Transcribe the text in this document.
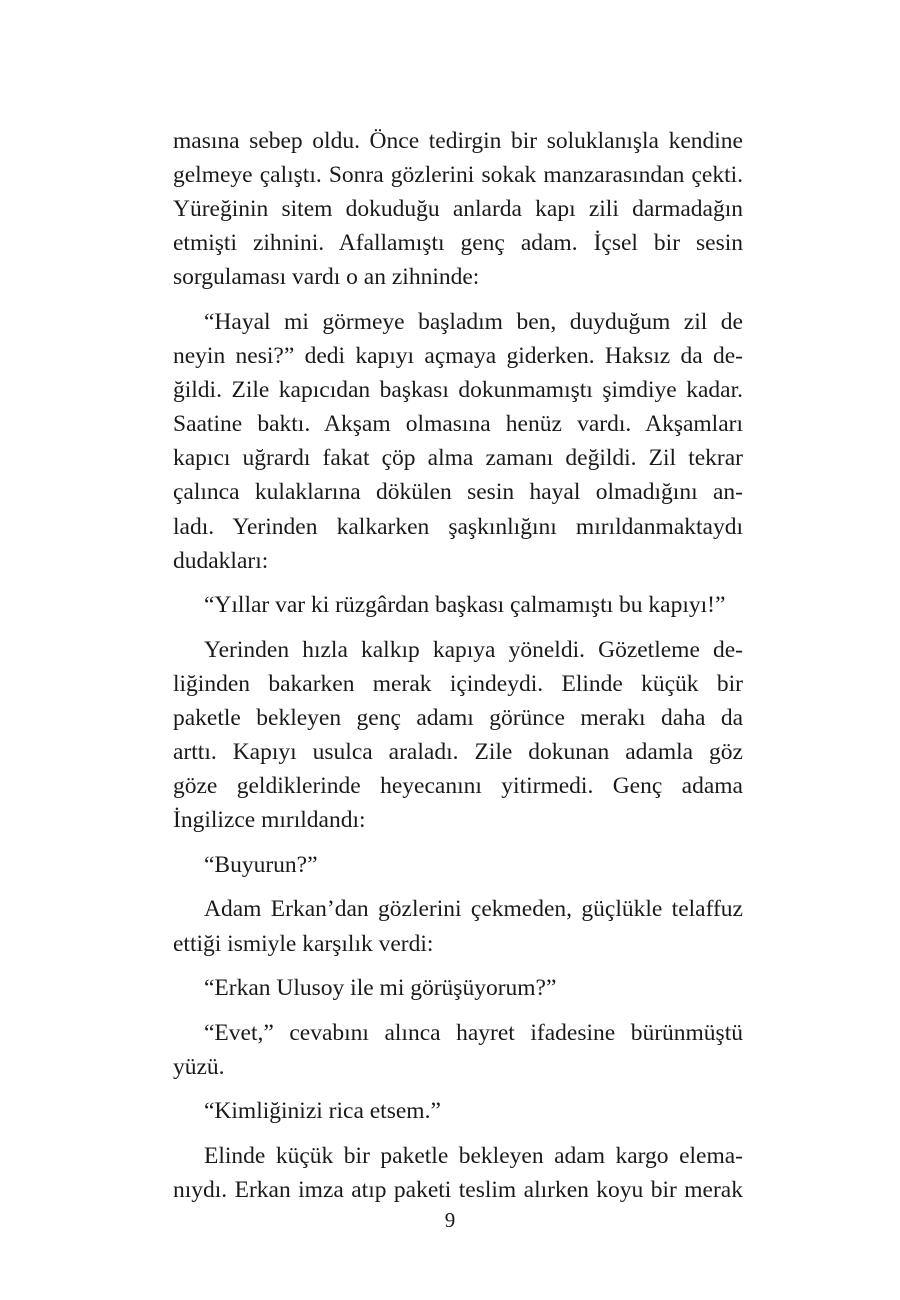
masına sebep oldu. Önce tedirgin bir soluklanışla kendine
gelmeye çalıştı. Sonra gözlerini sokak manzarasından çekti.
Yüreğinin sitem dokuduğu anlarda kapı zili darmadağın
etmişti zihnini. Afallamıştı genç adam. İçsel bir sesin
sorgulaması vardı o an zihninde:
“Hayal mi görmeye başladım ben, duyduğum zil de
neyin nesi?” dedi kapıyı açmaya giderken. Haksız da de-
ğildi. Zile kapıcıdan başkası dokunmamıştı şimdiye kadar.
Saatine baktı. Akşam olmasına henüz vardı. Akşamları
kapıcı uğrardı fakat çöp alma zamanı değildi. Zil tekrar
çalınca kulaklarına dökülen sesin hayal olmadığını an-
ladı. Yerinden kalkarken şaşkınlığını mırıldanmaktaydı
dudakları:
“Yıllar var ki rüzgârdan başkası çalmamıştı bu kapıyı!”
Yerinden hızla kalkıp kapıya yöneldi. Gözetleme de-
liğinden bakarken merak içindeydi. Elinde küçük bir
paketle bekleyen genç adamı görünce merakı daha da
arttı. Kapıyı usulca araladı. Zile dokunan adamla göz
göze geldiklerinde heyecanını yitirmedi. Genç adama
İngilizce mırıldandı:
“Buyurun?”
Adam Erkan’dan gözlerini çekmeden, güçlükle telaffuz
ettiği ismiyle karşılık verdi:
“Erkan Ulusoy ile mi görüşüyorum?”
“Evet,” cevabını alınca hayret ifadesine bürünmüştü
yüzü.
“Kimliğinizi rica etsem.”
Elinde küçük bir paketle bekleyen adam kargo elema-
nıydı. Erkan imza atıp paketi teslim alırken koyu bir merak
9
